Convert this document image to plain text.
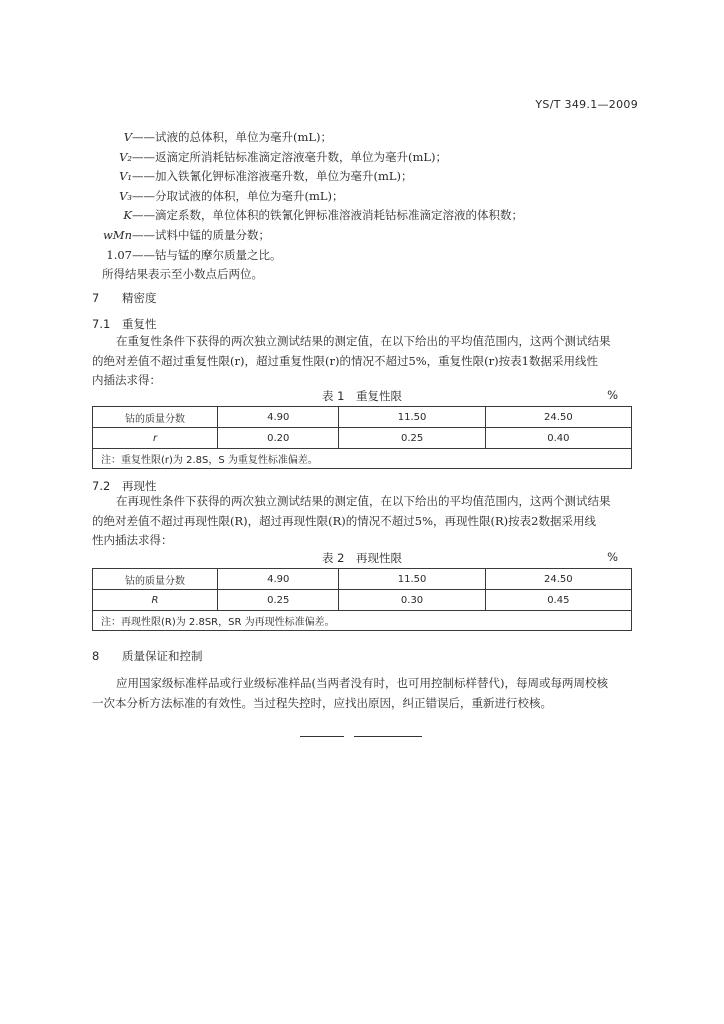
YS/T 349.1—2009
V——试液的总体积，单位为毫升(mL)；
V₂——返滴定所消耗钴标准滴定溶液毫升数，单位为毫升(mL)；
V₁——加入铁氰化钾标准溶液毫升数，单位为毫升(mL)；
V₃——分取试液的体积，单位为毫升(mL)；
K——滴定系数，单位体积的铁氰化钾标准溶液消耗钴标准滴定溶液的体积数；
wMn——试料中锰的质量分数；
1.07——钴与锰的摩尔质量之比。
所得结果表示至小数点后两位。
7 精密度
7.1 重复性
在重复性条件下获得的两次独立测试结果的测定值，在以下给出的平均值范围内，这两个测试结果
的绝对差值不超过重复性限(r)，超过重复性限(r)的情况不超过5%，重复性限(r)按表1数据采用线性
内插法求得：
表 1　重复性限	%
钴的质量分数	4.90	11.50	24.50
r	0.20	0.25	0.40
注：重复性限(r)为 2.8S，S 为重复性标准偏差。			
7.2 再现性
在再现性条件下获得的两次独立测试结果的测定值，在以下给出的平均值范围内，这两个测试结果
的绝对差值不超过再现性限(R)，超过再现性限(R)的情况不超过5%，再现性限(R)按表2数据采用线
性内插法求得：
表 2　再现性限	%
钴的质量分数	4.90	11.50	24.50
R	0.25	0.30	0.45
注：再现性限(R)为 2.8SR，SR 为再现性标准偏差。			
8 质量保证和控制
应用国家级标准样品或行业级标准样品(当两者没有时，也可用控制标样替代)，每周或每两周校核
一次本分析方法标准的有效性。当过程失控时，应找出原因，纠正错误后，重新进行校核。
